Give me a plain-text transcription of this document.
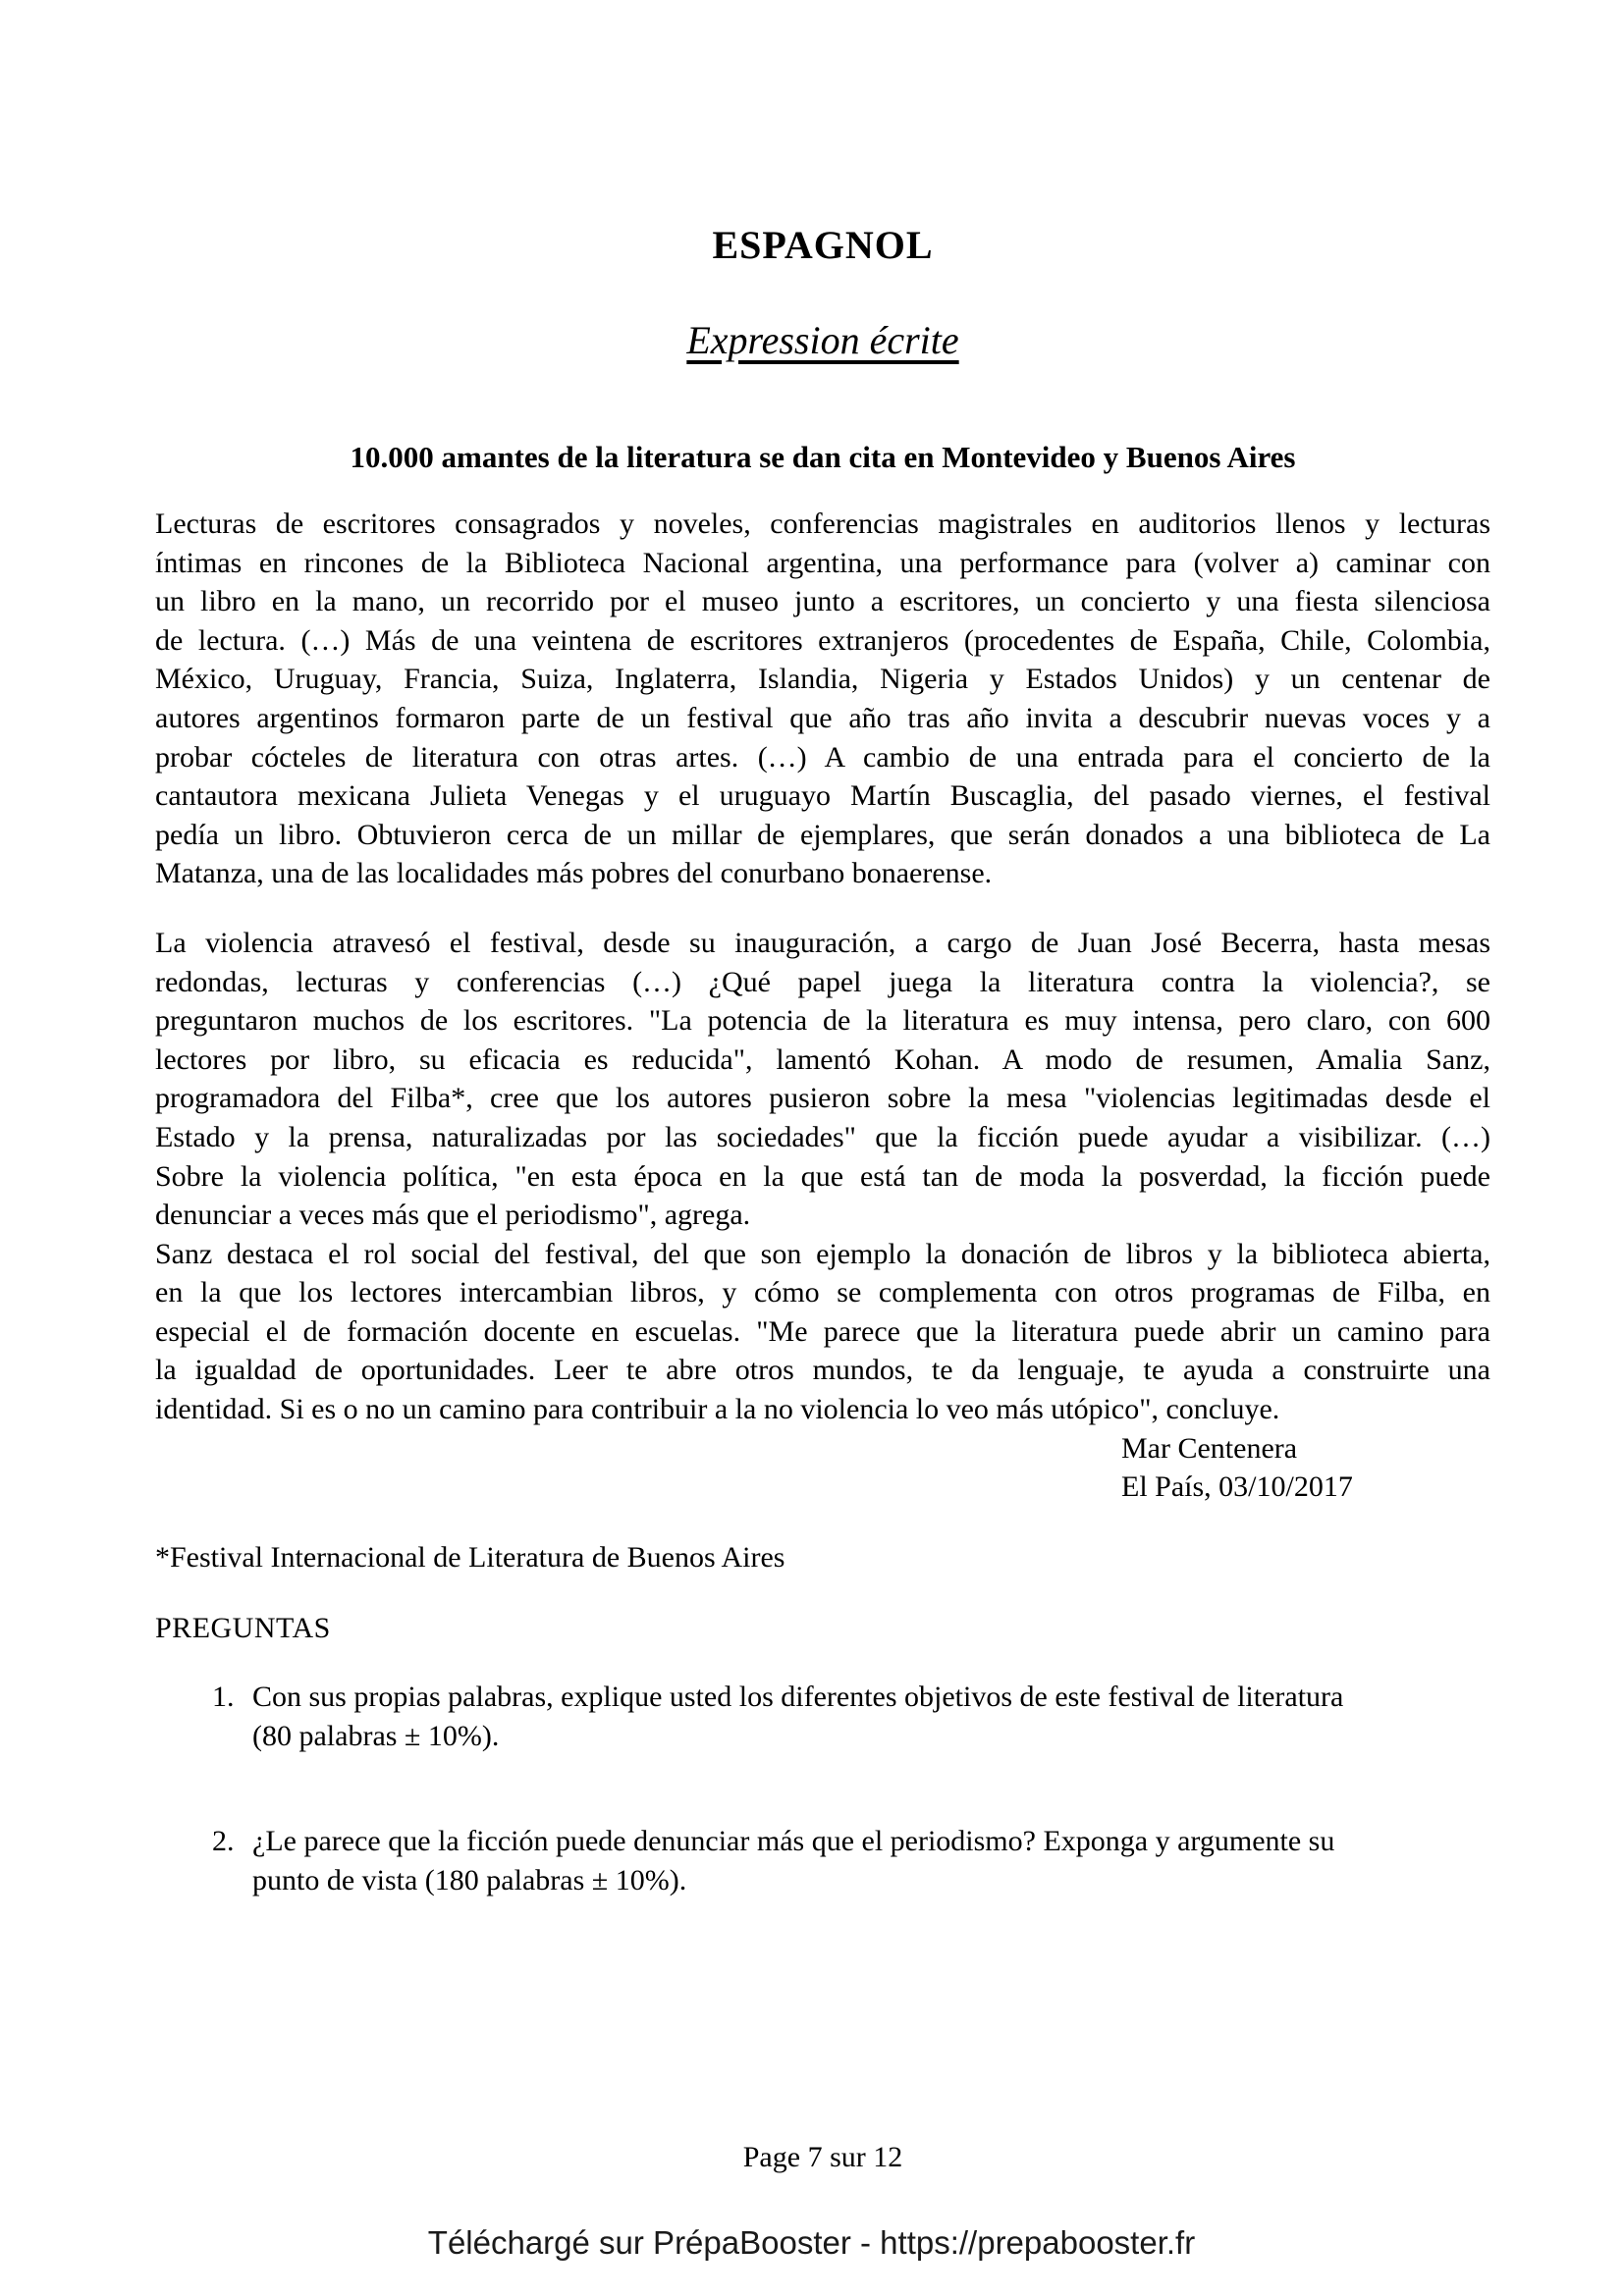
ESPAGNOL
Expression écrite
10.000 amantes de la literatura se dan cita en Montevideo y Buenos Aires
Lecturas de escritores consagrados y noveles, conferencias magistrales en auditorios llenos y lecturas
íntimas en rincones de la Biblioteca Nacional argentina, una performance para (volver a) caminar con
un libro en la mano, un recorrido por el museo junto a escritores, un concierto y una fiesta silenciosa
de lectura. (…) Más de una veintena de escritores extranjeros (procedentes de España, Chile, Colombia,
México, Uruguay, Francia, Suiza, Inglaterra, Islandia, Nigeria y Estados Unidos) y un centenar de
autores argentinos formaron parte de un festival que año tras año invita a descubrir nuevas voces y a
probar cócteles de literatura con otras artes. (…) A cambio de una entrada para el concierto de la
cantautora mexicana Julieta Venegas y el uruguayo Martín Buscaglia, del pasado viernes, el festival
pedía un libro. Obtuvieron cerca de un millar de ejemplares, que serán donados a una biblioteca de La
Matanza, una de las localidades más pobres del conurbano bonaerense.
La violencia atravesó el festival, desde su inauguración, a cargo de Juan José Becerra, hasta mesas
redondas, lecturas y conferencias (…) ¿Qué papel juega la literatura contra la violencia?, se
preguntaron muchos de los escritores. "La potencia de la literatura es muy intensa, pero claro, con 600
lectores por libro, su eficacia es reducida", lamentó Kohan. A modo de resumen, Amalia Sanz,
programadora del Filba*, cree que los autores pusieron sobre la mesa "violencias legitimadas desde el
Estado y la prensa, naturalizadas por las sociedades" que la ficción puede ayudar a visibilizar. (…)
Sobre la violencia política, "en esta época en la que está tan de moda la posverdad, la ficción puede
denunciar a veces más que el periodismo", agrega.
Sanz destaca el rol social del festival, del que son ejemplo la donación de libros y la biblioteca abierta,
en la que los lectores intercambian libros, y cómo se complementa con otros programas de Filba, en
especial el de formación docente en escuelas. "Me parece que la literatura puede abrir un camino para
la igualdad de oportunidades. Leer te abre otros mundos, te da lenguaje, te ayuda a construirte una
identidad. Si es o no un camino para contribuir a la no violencia lo veo más utópico", concluye.
Mar Centenera
El País, 03/10/2017
*Festival Internacional de Literatura de Buenos Aires
PREGUNTAS
1. Con sus propias palabras, explique usted los diferentes objetivos de este festival de literatura
(80 palabras ± 10%).
2. ¿Le parece que la ficción puede denunciar más que el periodismo? Exponga y argumente su
punto de vista (180 palabras ± 10%).
Page 7 sur 12
Téléchargé sur PrépaBooster - https://prepabooster.fr
